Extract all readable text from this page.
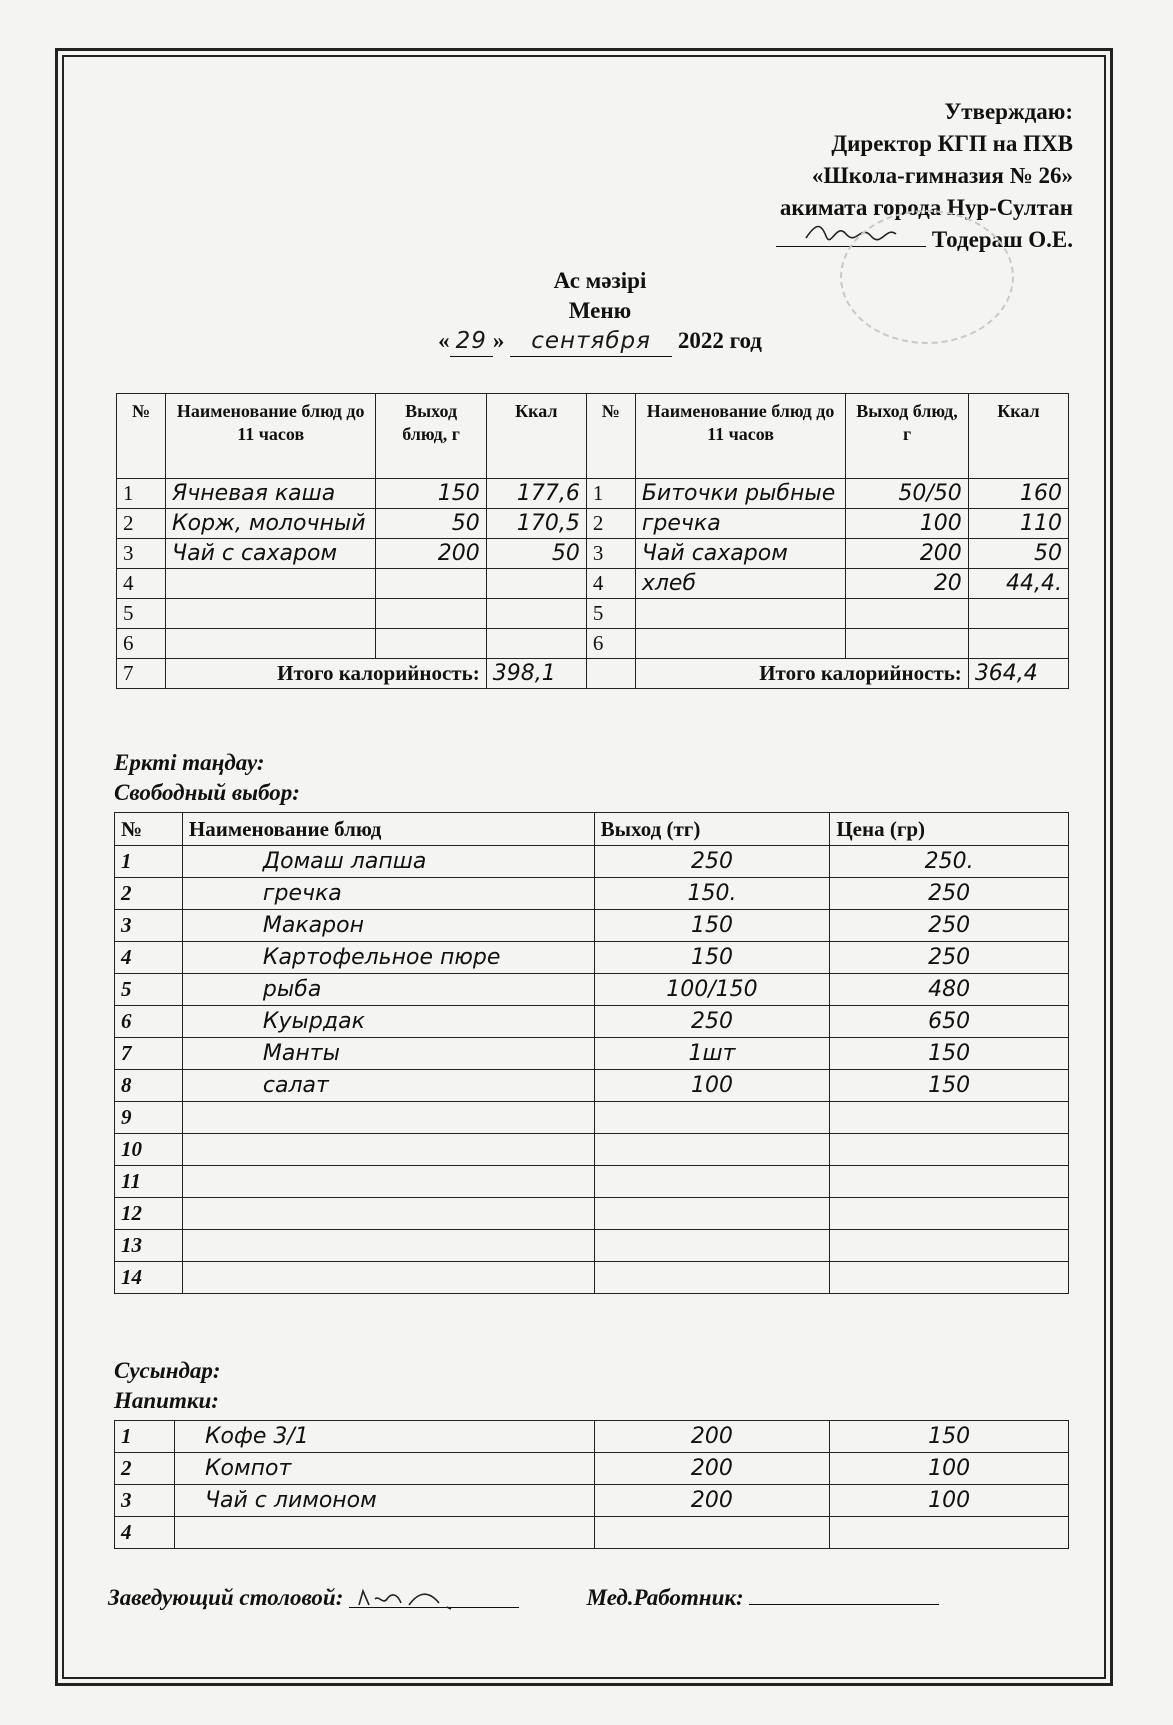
Утверждаю:
Директор КГП на ПХВ
«Школа-гимназия № 26»
акимата города Нур-Султан
Тодераш О.Е.
Ас мәзірі
Меню
« 29 » сентября 2022 год
№	Наименование блюд до 11 часов	Выход блюд, г	Ккал	№	Наименование блюд до 11 часов	Выход блюд, г	Ккал
1	Ячневая каша	150	177,6	1	Биточки рыбные	50/50	160
2	Корж, молочный	50	170,5	2	гречка	100	110
3	Чай с сахаром	200	50	3	Чай сахаром	200	50
4				4	хлеб	20	44,4.
5				5			
6				6			
7	Итого калорийность:		398,1		Итого калорийность:		364,4
Еркті таңдау:
Свободный выбор:
№	Наименование блюд	Выход (тг)	Цена (гр)
1	Домаш лапша	250	250.
2	гречка	150.	250
3	Макарон	150	250
4	Картофельное пюре	150	250
5	рыба	100/150	480
6	Куырдак	250	650
7	Манты	1шт	150
8	салат	100	150
9			
10			
11			
12			
13			
14			
Сусындар:
Напитки:
1	Кофе 3/1	200	150
2	Компот	200	100
3	Чай с лимоном	200	100
4			
Заведующий столовой:	Мед.Работник:
